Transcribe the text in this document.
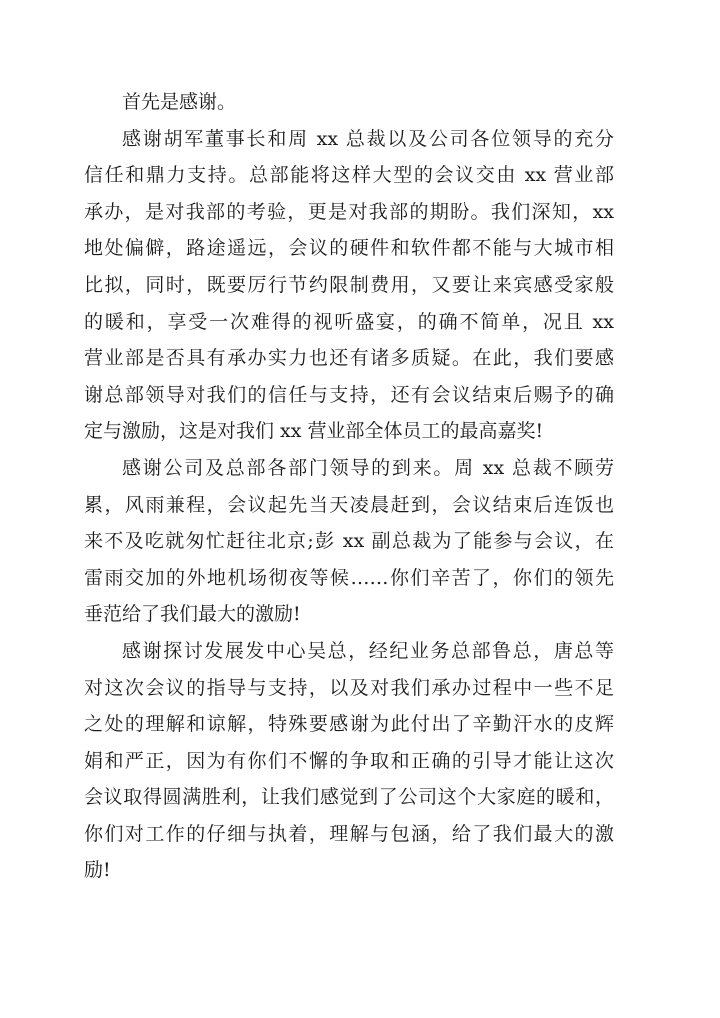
首先是感谢。

感谢胡军董事长和周 xx 总裁以及公司各位领导的充分
信任和鼎力支持。总部能将这样大型的会议交由 xx 营业部
承办，是对我部的考验，更是对我部的期盼。我们深知，xx
地处偏僻，路途遥远，会议的硬件和软件都不能与大城市相
比拟，同时，既要厉行节约限制费用，又要让来宾感受家般
的暖和，享受一次难得的视听盛宴，的确不简单，况且 xx
营业部是否具有承办实力也还有诸多质疑。在此，我们要感
谢总部领导对我们的信任与支持，还有会议结束后赐予的确
定与激励，这是对我们 xx 营业部全体员工的最高嘉奖!

感谢公司及总部各部门领导的到来。周 xx 总裁不顾劳
累，风雨兼程，会议起先当天凌晨赶到，会议结束后连饭也
来不及吃就匆忙赶往北京;彭 xx 副总裁为了能参与会议，在
雷雨交加的外地机场彻夜等候……你们辛苦了，你们的领先
垂范给了我们最大的激励!

感谢探讨发展发中心吴总，经纪业务总部鲁总，唐总等
对这次会议的指导与支持，以及对我们承办过程中一些不足
之处的理解和谅解，特殊要感谢为此付出了辛勤汗水的皮辉
娟和严正，因为有你们不懈的争取和正确的引导才能让这次
会议取得圆满胜利，让我们感觉到了公司这个大家庭的暖和，
你们对工作的仔细与执着，理解与包涵，给了我们最大的激
励!
